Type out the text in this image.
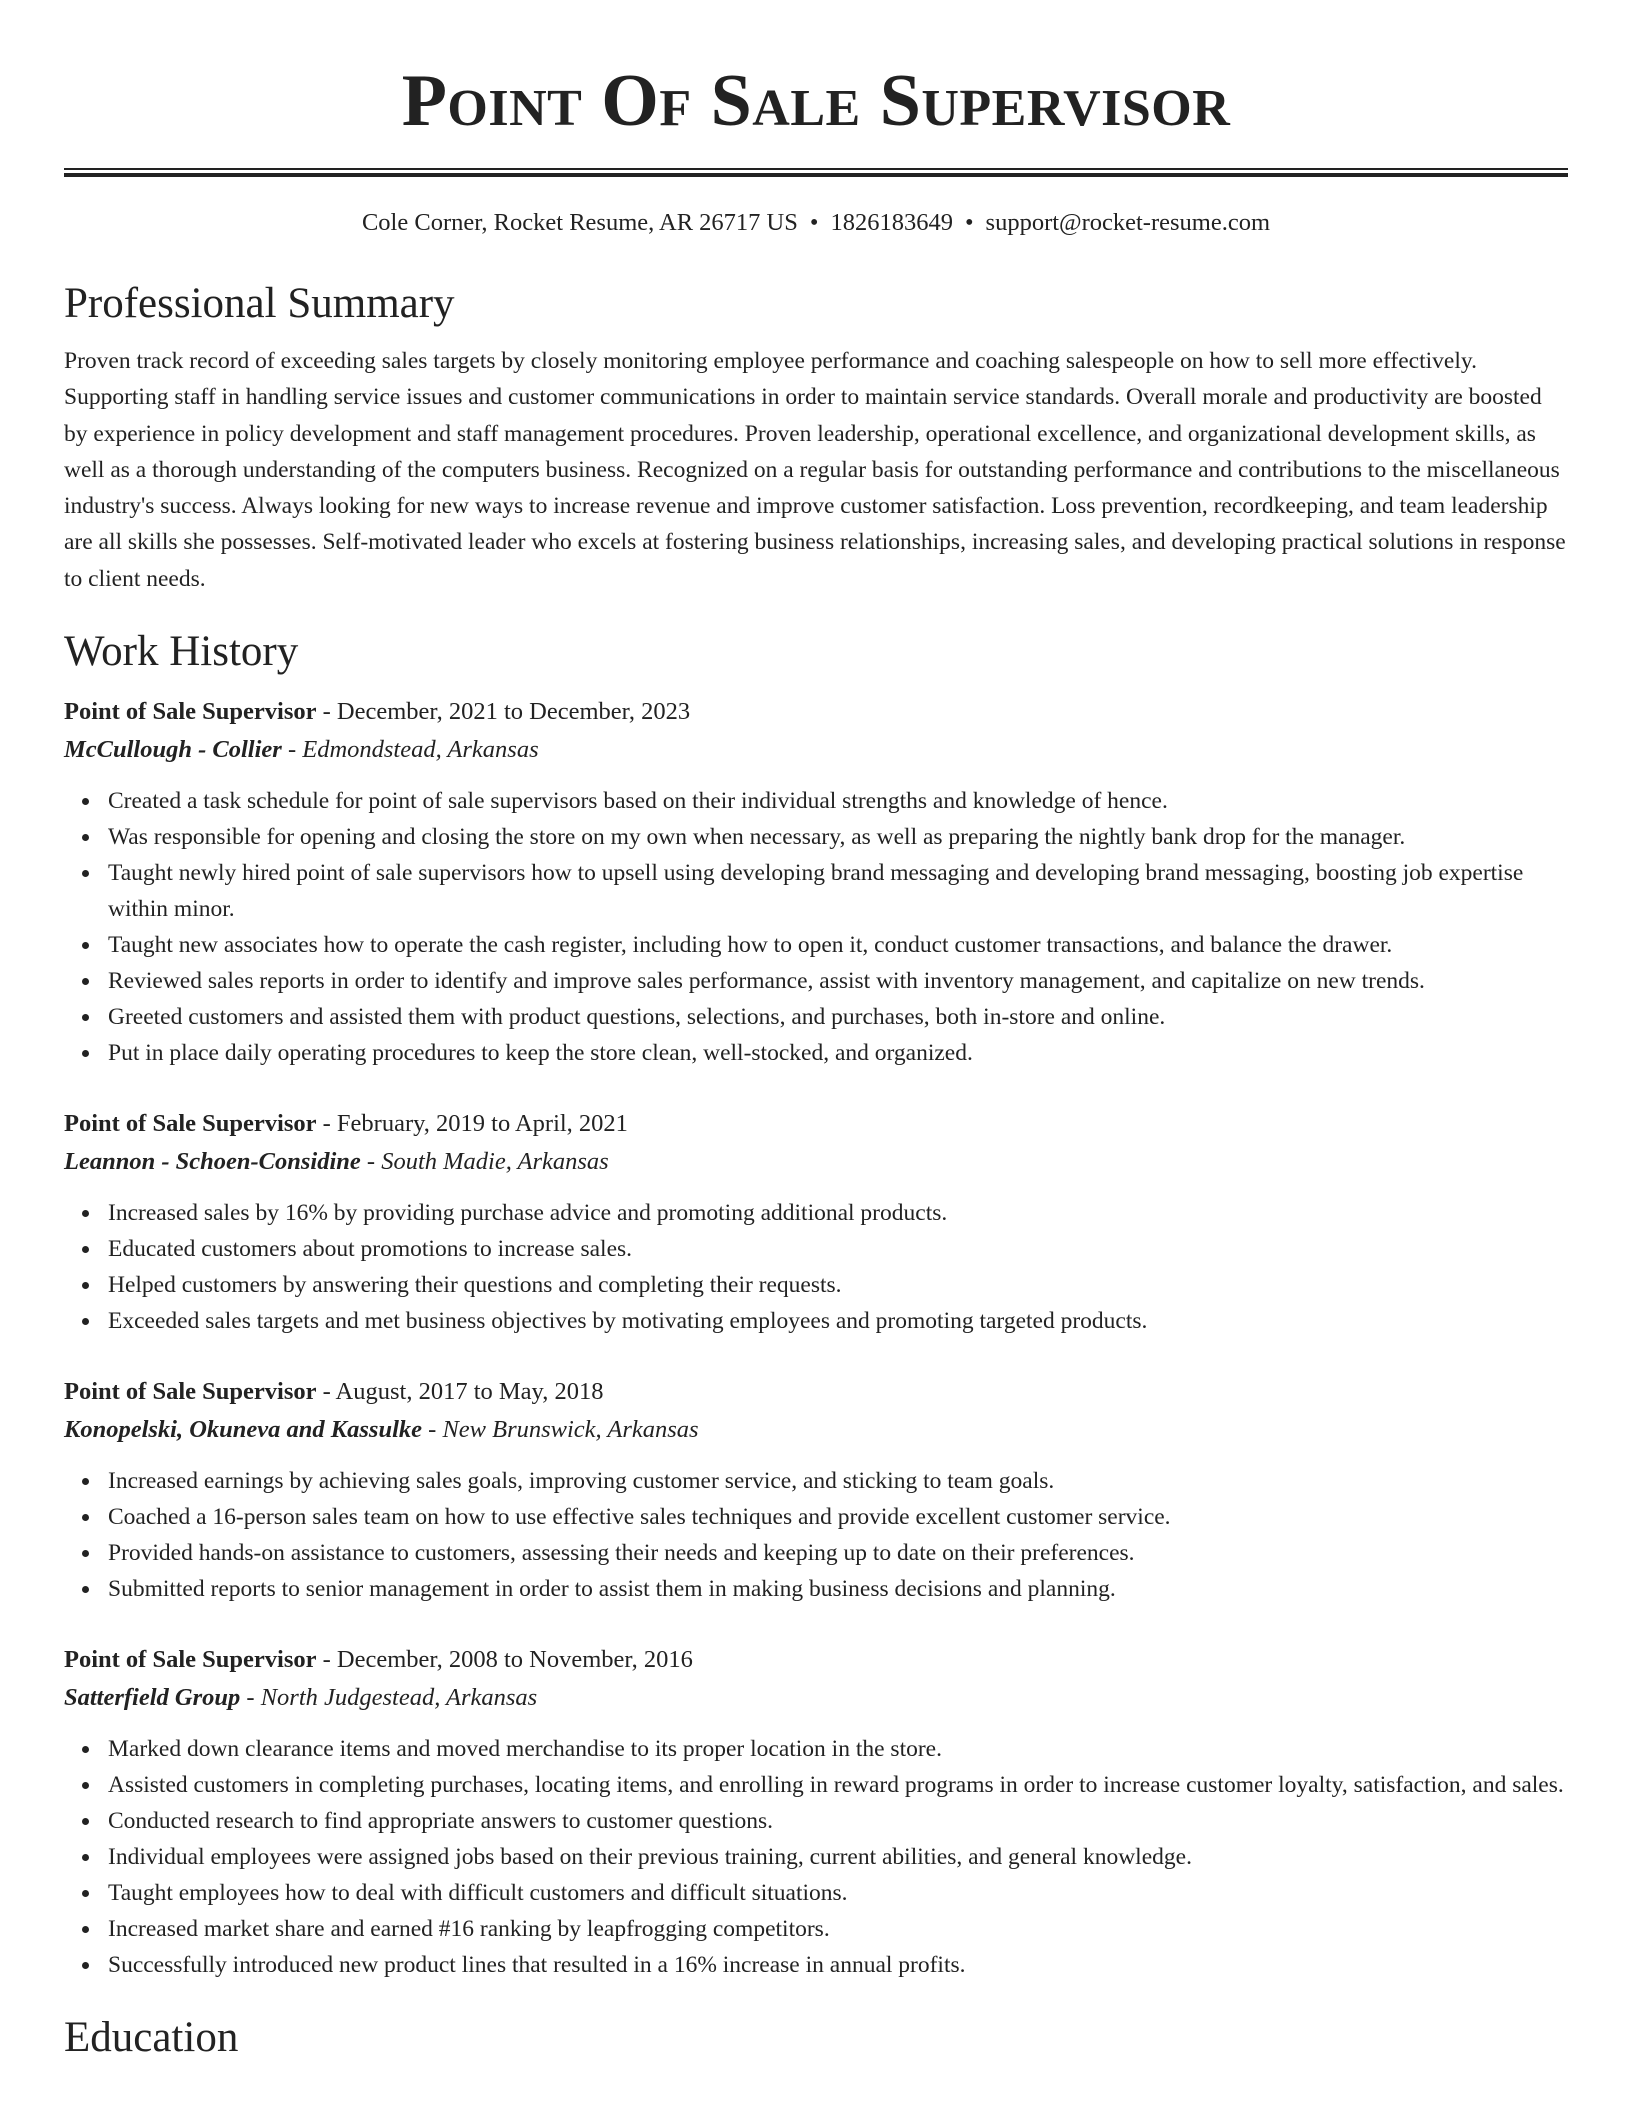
Point Of Sale Supervisor
Cole Corner, Rocket Resume, AR 26717 US • 1826183649 • support@rocket-resume.com
Professional Summary

Proven track record of exceeding sales targets by closely monitoring employee performance and coaching salespeople on how to sell more effectively. Supporting staff in handling service issues and customer communications in order to maintain service standards. Overall morale and productivity are boosted by experience in policy development and staff management procedures. Proven leadership, operational excellence, and organizational development skills, as well as a thorough understanding of the computers business. Recognized on a regular basis for outstanding performance and contributions to the miscellaneous industry's success. Always looking for new ways to increase revenue and improve customer satisfaction. Loss prevention, recordkeeping, and team leadership are all skills she possesses. Self-motivated leader who excels at fostering business relationships, increasing sales, and developing practical solutions in response to client needs.

Work History
Point of Sale Supervisor - December, 2021 to December, 2023
McCullough - Collier - Edmondstead, Arkansas
Created a task schedule for point of sale supervisors based on their individual strengths and knowledge of hence.
Was responsible for opening and closing the store on my own when necessary, as well as preparing the nightly bank drop for the manager.
Taught newly hired point of sale supervisors how to upsell using developing brand messaging and developing brand messaging, boosting job expertise within minor.
Taught new associates how to operate the cash register, including how to open it, conduct customer transactions, and balance the drawer.
Reviewed sales reports in order to identify and improve sales performance, assist with inventory management, and capitalize on new trends.
Greeted customers and assisted them with product questions, selections, and purchases, both in-store and online.
Put in place daily operating procedures to keep the store clean, well-stocked, and organized.
Point of Sale Supervisor - February, 2019 to April, 2021
Leannon - Schoen-Considine - South Madie, Arkansas
Increased sales by 16% by providing purchase advice and promoting additional products.
Educated customers about promotions to increase sales.
Helped customers by answering their questions and completing their requests.
Exceeded sales targets and met business objectives by motivating employees and promoting targeted products.
Point of Sale Supervisor - August, 2017 to May, 2018
Konopelski, Okuneva and Kassulke - New Brunswick, Arkansas
Increased earnings by achieving sales goals, improving customer service, and sticking to team goals.
Coached a 16-person sales team on how to use effective sales techniques and provide excellent customer service.
Provided hands-on assistance to customers, assessing their needs and keeping up to date on their preferences.
Submitted reports to senior management in order to assist them in making business decisions and planning.
Point of Sale Supervisor - December, 2008 to November, 2016
Satterfield Group - North Judgestead, Arkansas
Marked down clearance items and moved merchandise to its proper location in the store.
Assisted customers in completing purchases, locating items, and enrolling in reward programs in order to increase customer loyalty, satisfaction, and sales.
Conducted research to find appropriate answers to customer questions.
Individual employees were assigned jobs based on their previous training, current abilities, and general knowledge.
Taught employees how to deal with difficult customers and difficult situations.
Increased market share and earned #16 ranking by leapfrogging competitors.
Successfully introduced new product lines that resulted in a 16% increase in annual profits.
Education
